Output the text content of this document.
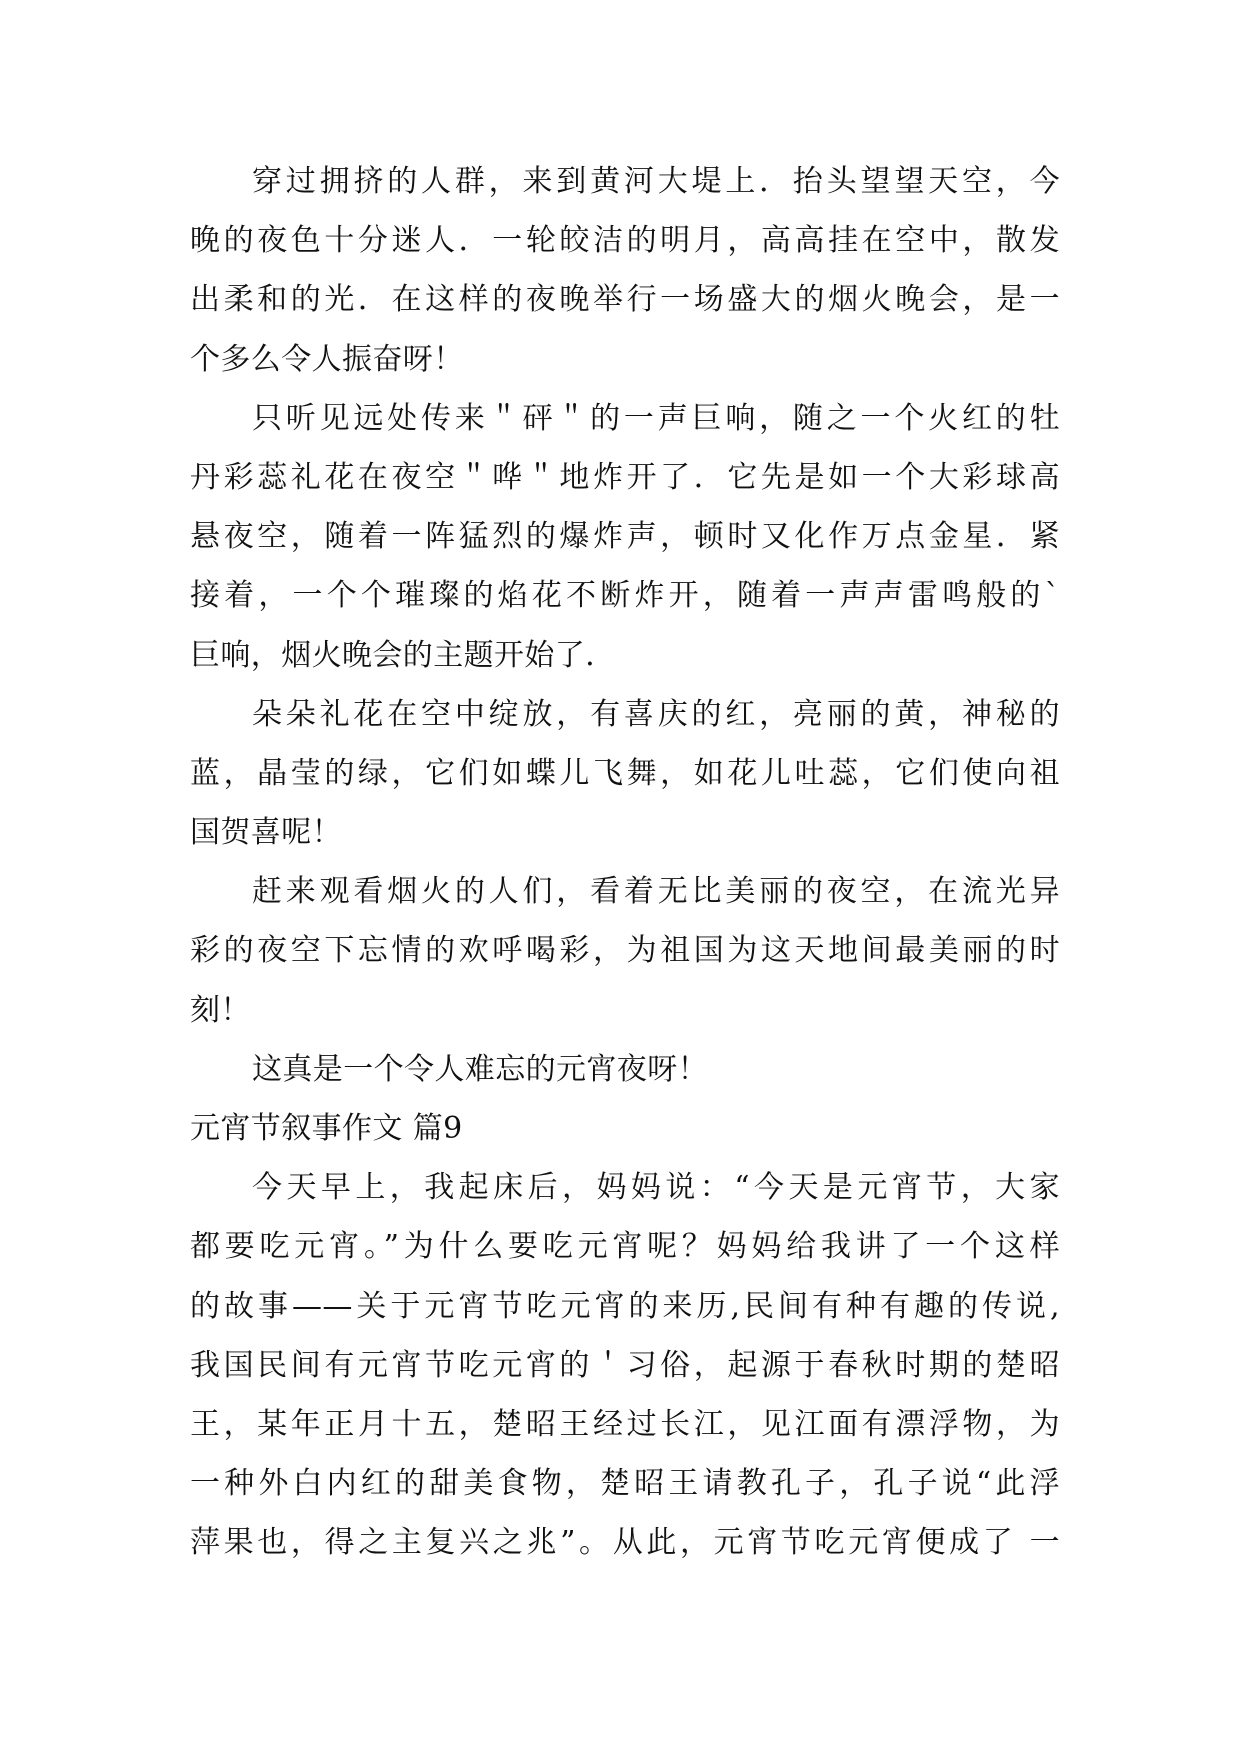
穿过拥挤的人群，来到黄河大堤上．抬头望望天空，今
晚的夜色十分迷人．一轮皎洁的明月，高高挂在空中，散发
出柔和的光．在这样的夜晚举行一场盛大的烟火晚会，是一
个多么令人振奋呀！
只听见远处传来＂砰＂的一声巨响，随之一个火红的牡
丹彩蕊礼花在夜空＂哗＂地炸开了．它先是如一个大彩球高
悬夜空，随着一阵猛烈的爆炸声，顿时又化作万点金星．紧
接着，一个个璀璨的焰花不断炸开，随着一声声雷鸣般的`
巨响，烟火晚会的主题开始了．
朵朵礼花在空中绽放，有喜庆的红，亮丽的黄，神秘的
蓝，晶莹的绿，它们如蝶儿飞舞，如花儿吐蕊，它们使向祖
国贺喜呢！
赶来观看烟火的人们，看着无比美丽的夜空，在流光异
彩的夜空下忘情的欢呼喝彩，为祖国为这天地间最美丽的时
刻！
这真是一个令人难忘的元宵夜呀！
元宵节叙事作文 篇9
今天早上，我起床后，妈妈说：“今天是元宵节，大家
都要吃元宵。”为什么要吃元宵呢？妈妈给我讲了一个这样
的故事——关于元宵节吃元宵的来历,民间有种有趣的传说,
我国民间有元宵节吃元宵的＇习俗，起源于春秋时期的楚昭
王，某年正月十五，楚昭王经过长江，见江面有漂浮物，为
一种外白内红的甜美食物，楚昭王请教孔子，孔子说“此浮
萍果也，得之主复兴之兆”。从此，元宵节吃元宵便成了 一
